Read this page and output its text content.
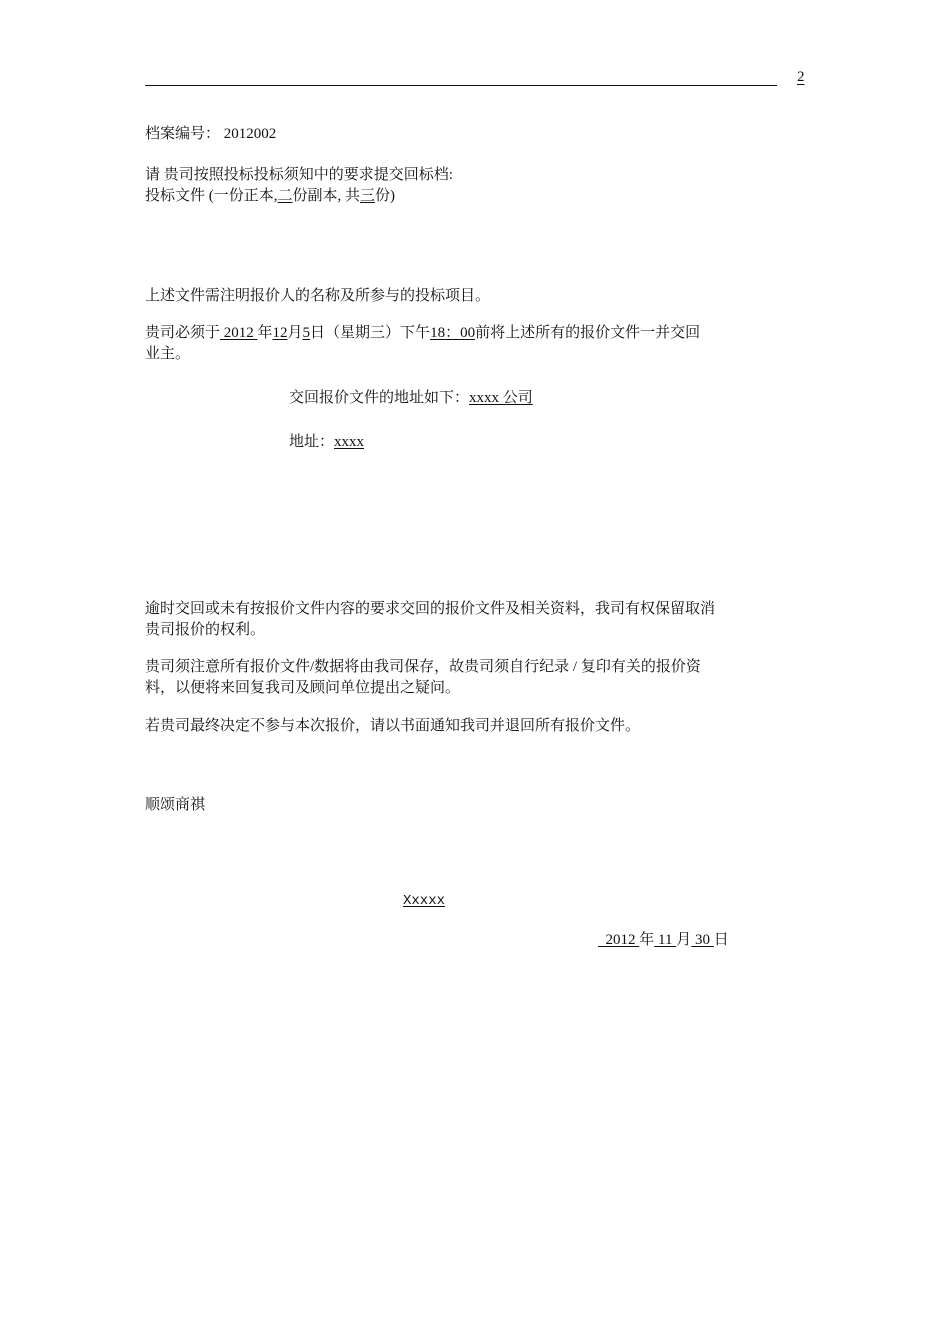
2
档案编号： 2012002
请 贵司按照投标投标须知中的要求提交回标档:
投标文件 (一份正本,二份副本, 共三份)
上述文件需注明报价人的名称及所参与的投标项目。
贵司必须于 2012 年12月5日（星期三）下午18：00前将上述所有的报价文件一并交回
业主。
交回报价文件的地址如下：xxxx 公司
地址：xxxx
逾时交回或未有按报价文件内容的要求交回的报价文件及相关资料，我司有权保留取消
贵司报价的权利。
贵司须注意所有报价文件/数据将由我司保存，故贵司须自行纪录 / 复印有关的报价资
料，以便将来回复我司及顾问单位提出之疑问。
若贵司最终决定不参与本次报价，请以书面通知我司并退回所有报价文件。
顺颂商祺
Xxxxx
2012 年 11 月 30 日
